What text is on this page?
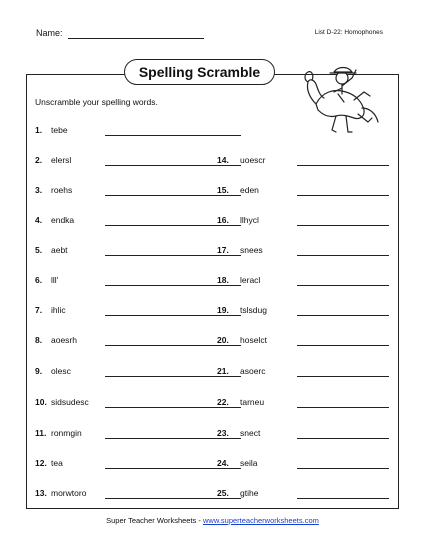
Name:	List D-22: Homophones
Spelling Scramble
Unscramble your spelling words.
1. tebe
2. elersl
3. roehs
4. endka
5. aebt
6. lll'
7. ihlic
8. aoesrh
9. olesc
10. sidsudesc
11. ronmgin
12. tea
13. morwtoro
14. uoescr
15. eden
16. llhycl
17. snees
18. leracl
19. tslsdug
20. hoselct
21. asoerc
22. tarneu
23. snect
24. seila
25. gtihe
Super Teacher Worksheets - www.superteacherworksheets.com
